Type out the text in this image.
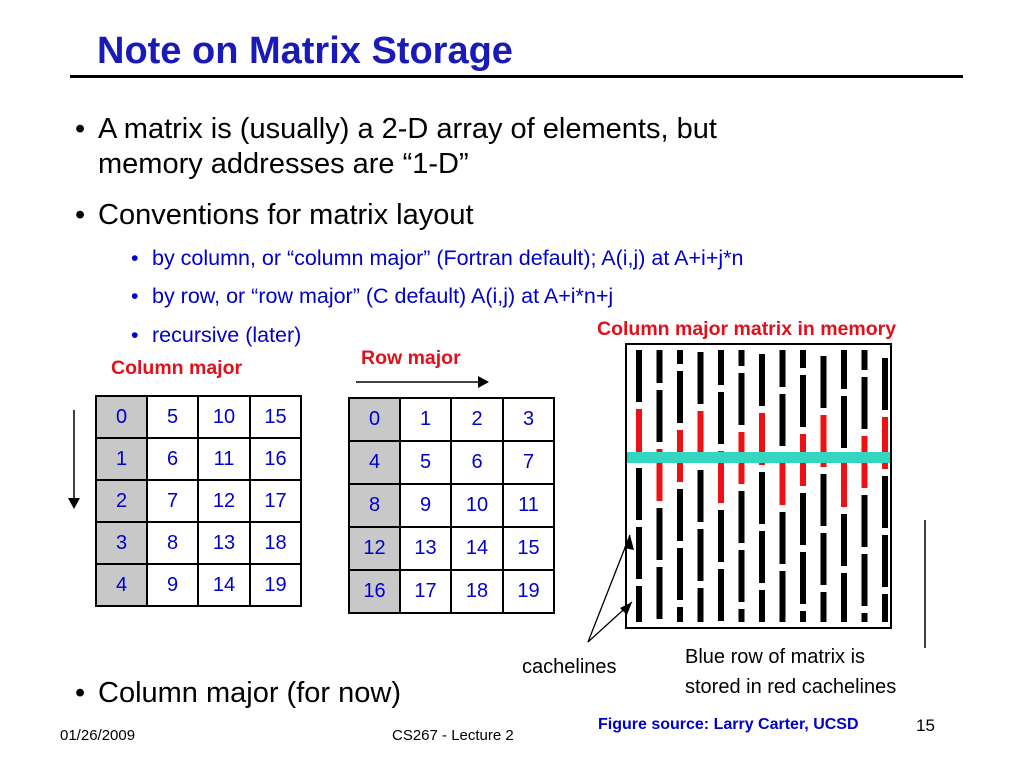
Note on Matrix Storage
• A matrix is (usually) a 2-D array of elements, but
memory addresses are “1-D”
• Conventions for matrix layout
• by column, or “column major” (Fortran default); A(i,j) at A+i+j*n
• by row, or “row major” (C default) A(i,j) at A+i*n+j
• recursive (later)
Column major	Row major
Column major matrix in memory
0	5	10	15
1	6	11	16
2	7	12	17
3	8	13	18
4	9	14	19
0	1	2	3
4	5	6	7
8	9	10	11
12	13	14	15
16	17	18	19
cachelines	Blue row of matrix is
stored in red cachelines
• Column major (for now)
01/26/2009	CS267 - Lecture 2
Figure source: Larry Carter, UCSD	15
